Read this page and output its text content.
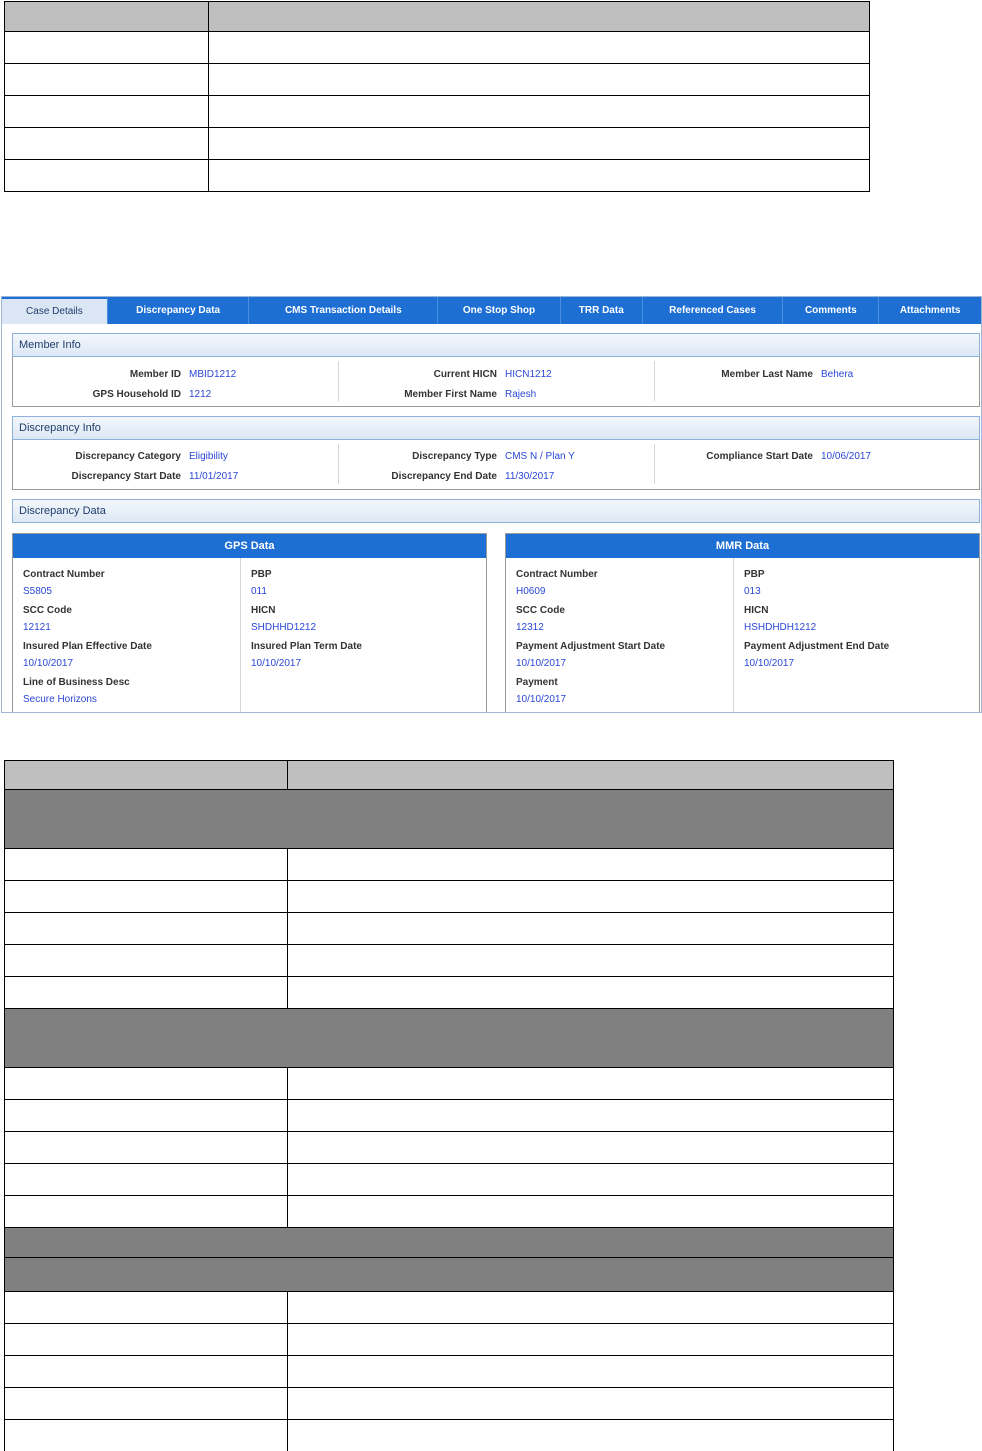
Case Details	Discrepancy Data	CMS Transaction Details	One Stop Shop	TRR Data	Referenced Cases	Comments	Attachments
Member Info
Member ID MBID1212
GPS Household ID 1212
Current HICN HICN1212
Member First Name Rajesh
Member Last Name Behera
Discrepancy Info
Discrepancy Category Eligibility
Discrepancy Start Date 11/01/2017
Discrepancy Type CMS N / Plan Y
Discrepancy End Date 11/30/2017
Compliance Start Date 10/06/2017
Discrepancy Data
GPS Data
Contract Number
S5805
SCC Code
12121
Insured Plan Effective Date
10/10/2017
Line of Business Desc
Secure Horizons
PBP
011
HICN
SHDHHD1212
Insured Plan Term Date
10/10/2017
MMR Data
Contract Number
H0609
SCC Code
12312
Payment Adjustment Start Date
10/10/2017
Payment
10/10/2017
PBP
013
HICN
HSHDHDH1212
Payment Adjustment End Date
10/10/2017
